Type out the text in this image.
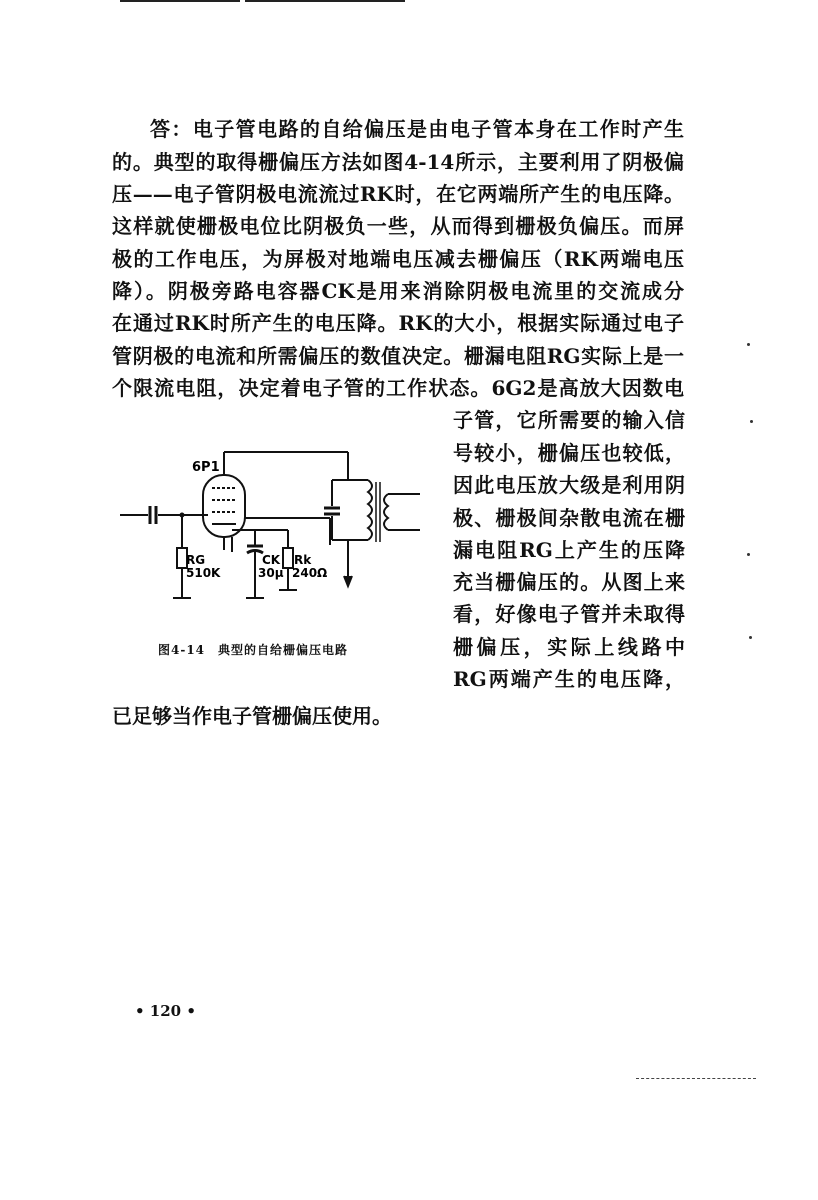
答：电子管电路的自给偏压是由电子管本身在工作时产生
的。典型的取得栅偏压方法如图4-14所示，主要利用了阴极偏
压——电子管阴极电流流过RK时，在它两端所产生的电压降。
这样就使栅极电位比阴极负一些，从而得到栅极负偏压。而屏
极的工作电压，为屏极对地端电压减去栅偏压（RK两端电压
降）。阴极旁路电容器CK是用来消除阴极电流里的交流成分
在通过RK时所产生的电压降。RK的大小，根据实际通过电子
管阴极的电流和所需偏压的数值决定。栅漏电阻RG实际上是一
个限流电阻，决定着电子管的工作状态。6G2是高放大因数电
子管，它所需要的输入信
号较小，栅偏压也较低，
因此电压放大级是利用阴
极、栅极间杂散电流在栅
漏电阻RG上产生的压降
充当栅偏压的。从图上来
看，好像电子管并未取得
栅偏压，实际上线路中
RG两端产生的电压降，
已足够当作电子管栅偏压使用。
6P1
RG
510K
CK
30μ
Rk
240Ω
图4-14　典型的自给栅偏压电路
• 120 •
